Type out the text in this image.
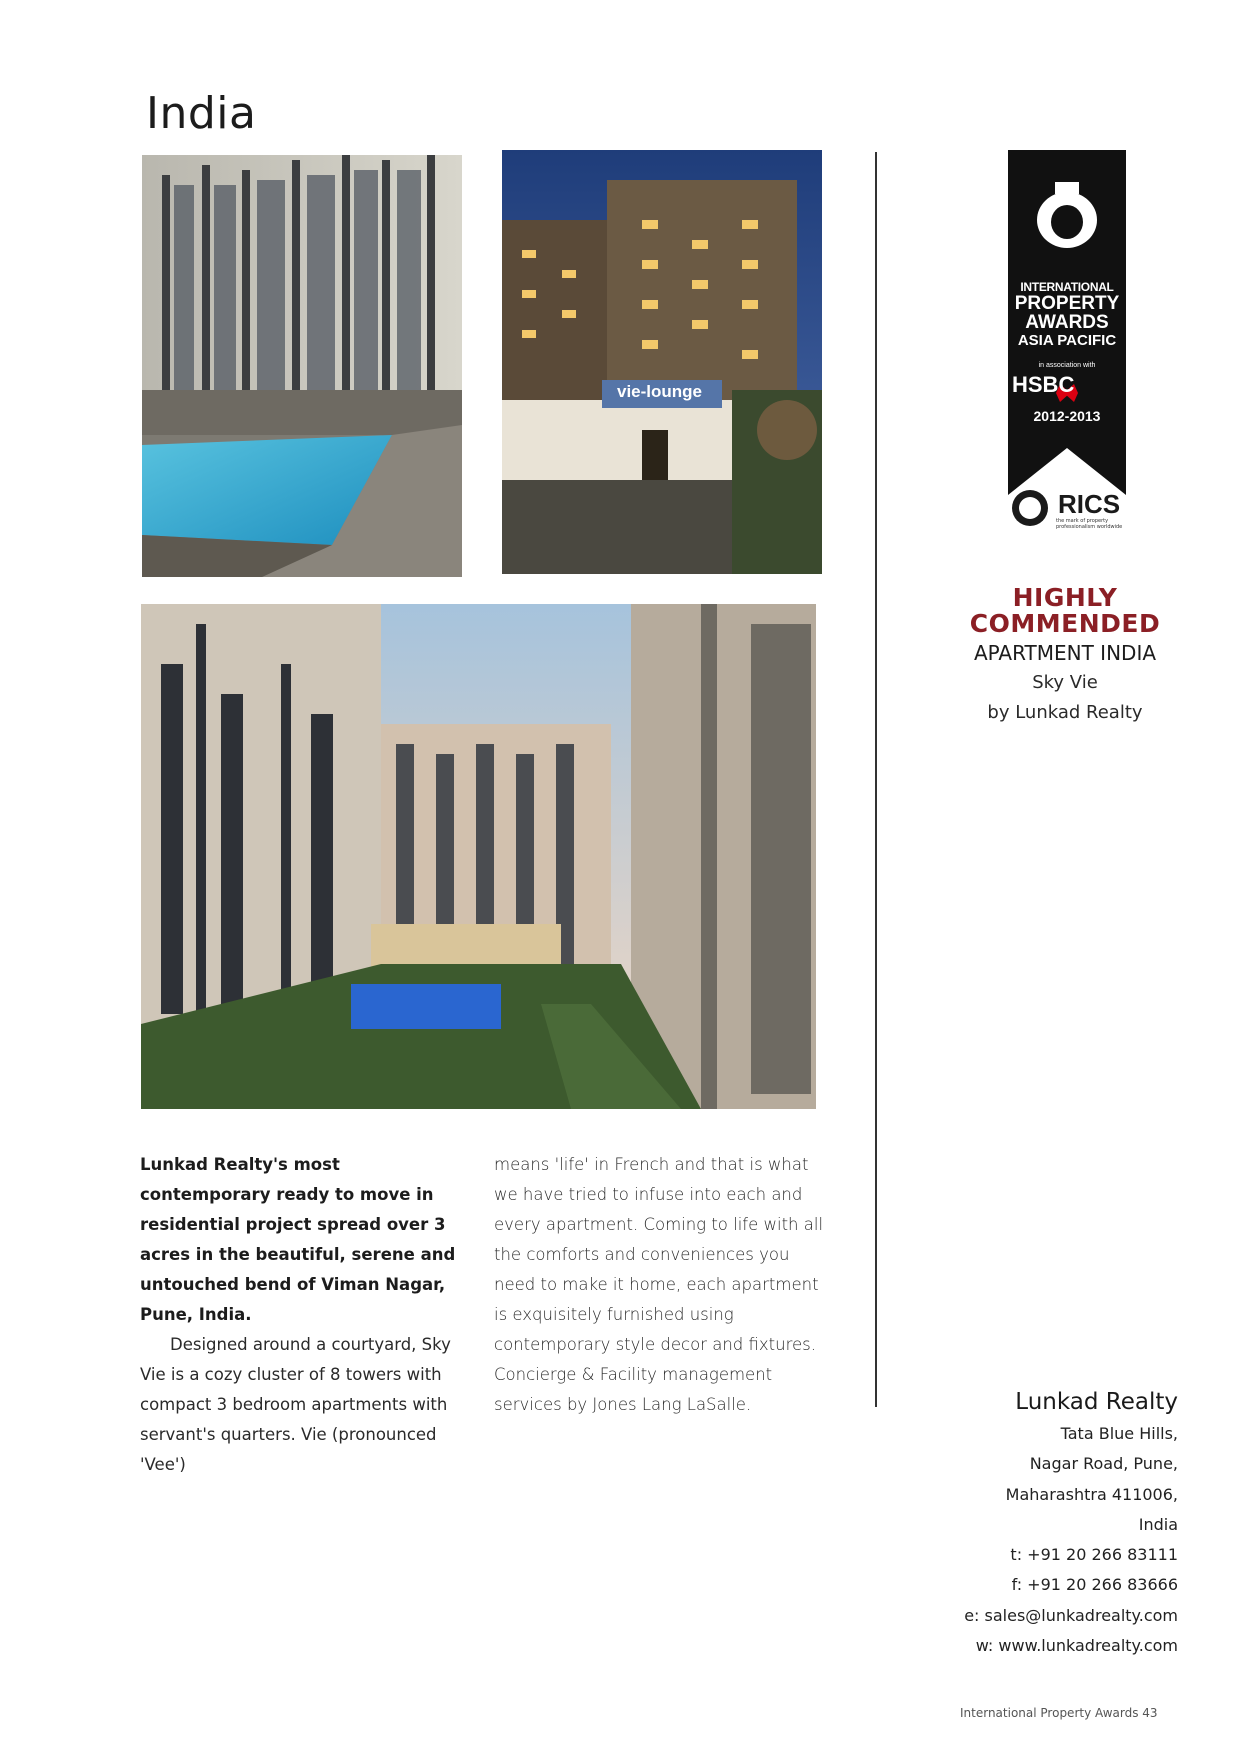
India
vie-lounge
Lunkad Realty's most contemporary ready to move in residential project spread over 3 acres in the beautiful, serene and untouched bend of Viman Nagar, Pune, India.
Designed around a courtyard, Sky Vie is a cozy cluster of 8 towers with compact 3 bedroom apartments with servant's quarters. Vie (pronounced 'Vee')
means 'life' in French and that is what we have tried to infuse into each and every apartment. Coming to life with all the comforts and conveniences you need to make it home, each apartment is exquisitely furnished using contemporary style decor and fixtures. Concierge & Facility management services by Jones Lang LaSalle.
INTERNATIONAL
PROPERTY
AWARDS
ASIA PACIFIC
in association with
HSBC
2012-2013
RICS
the mark of property professionalism worldwide
HIGHLY
COMMENDED
APARTMENT INDIA
Sky Vie
by Lunkad Realty
Lunkad Realty
Tata Blue Hills,
Nagar Road, Pune,
Maharashtra 411006,
India
t: +91 20 266 83111
f: +91 20 266 83666
e: sales@lunkadrealty.com
w: www.lunkadrealty.com
International Property Awards 43
